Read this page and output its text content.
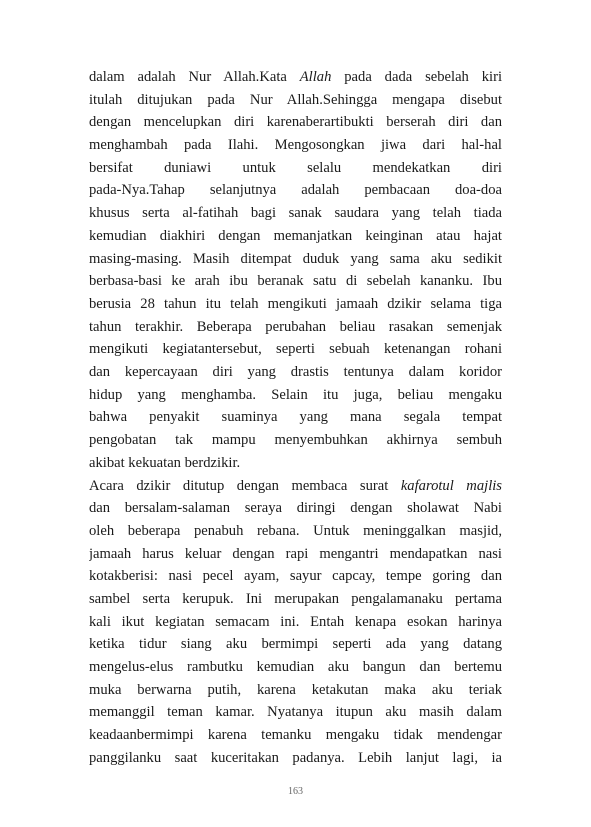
dalam adalah Nur Allah.Kata Allah pada dada sebelah kiri
itulah ditujukan pada Nur Allah.Sehingga mengapa disebut
dengan mencelupkan diri karenaberartibukti berserah diri dan
menghambah pada Ilahi. Mengosongkan jiwa dari hal-hal
bersifat duniawi untuk selalu mendekatkan diri
pada-Nya.Tahap selanjutnya adalah pembacaan doa-doa
khusus serta al-fatihah bagi sanak saudara yang telah tiada
kemudian diakhiri dengan memanjatkan keinginan atau hajat
masing-masing. Masih ditempat duduk yang sama aku sedikit
berbasa-basi ke arah ibu beranak satu di sebelah kananku. Ibu
berusia 28 tahun itu telah mengikuti jamaah dzikir selama tiga
tahun terakhir. Beberapa perubahan beliau rasakan semenjak
mengikuti kegiatantersebut, seperti sebuah ketenangan rohani
dan kepercayaan diri yang drastis tentunya dalam koridor
hidup yang menghamba. Selain itu juga, beliau mengaku
bahwa penyakit suaminya yang mana segala tempat
pengobatan tak mampu menyembuhkan akhirnya sembuh
akibat kekuatan berdzikir.
Acara dzikir ditutup dengan membaca surat kafarotul majlis
dan bersalam-salaman seraya diringi dengan sholawat Nabi
oleh beberapa penabuh rebana. Untuk meninggalkan masjid,
jamaah harus keluar dengan rapi mengantri mendapatkan nasi
kotakberisi: nasi pecel ayam, sayur capcay, tempe goring dan
sambel serta kerupuk. Ini merupakan pengalamanaku pertama
kali ikut kegiatan semacam ini. Entah kenapa esokan harinya
ketika tidur siang aku bermimpi seperti ada yang datang
mengelus-elus rambutku kemudian aku bangun dan bertemu
muka berwarna putih, karena ketakutan maka aku teriak
memanggil teman kamar. Nyatanya itupun aku masih dalam
keadaanbermimpi karena temanku mengaku tidak mendengar
panggilanku saat kuceritakan padanya. Lebih lanjut lagi, ia
163
